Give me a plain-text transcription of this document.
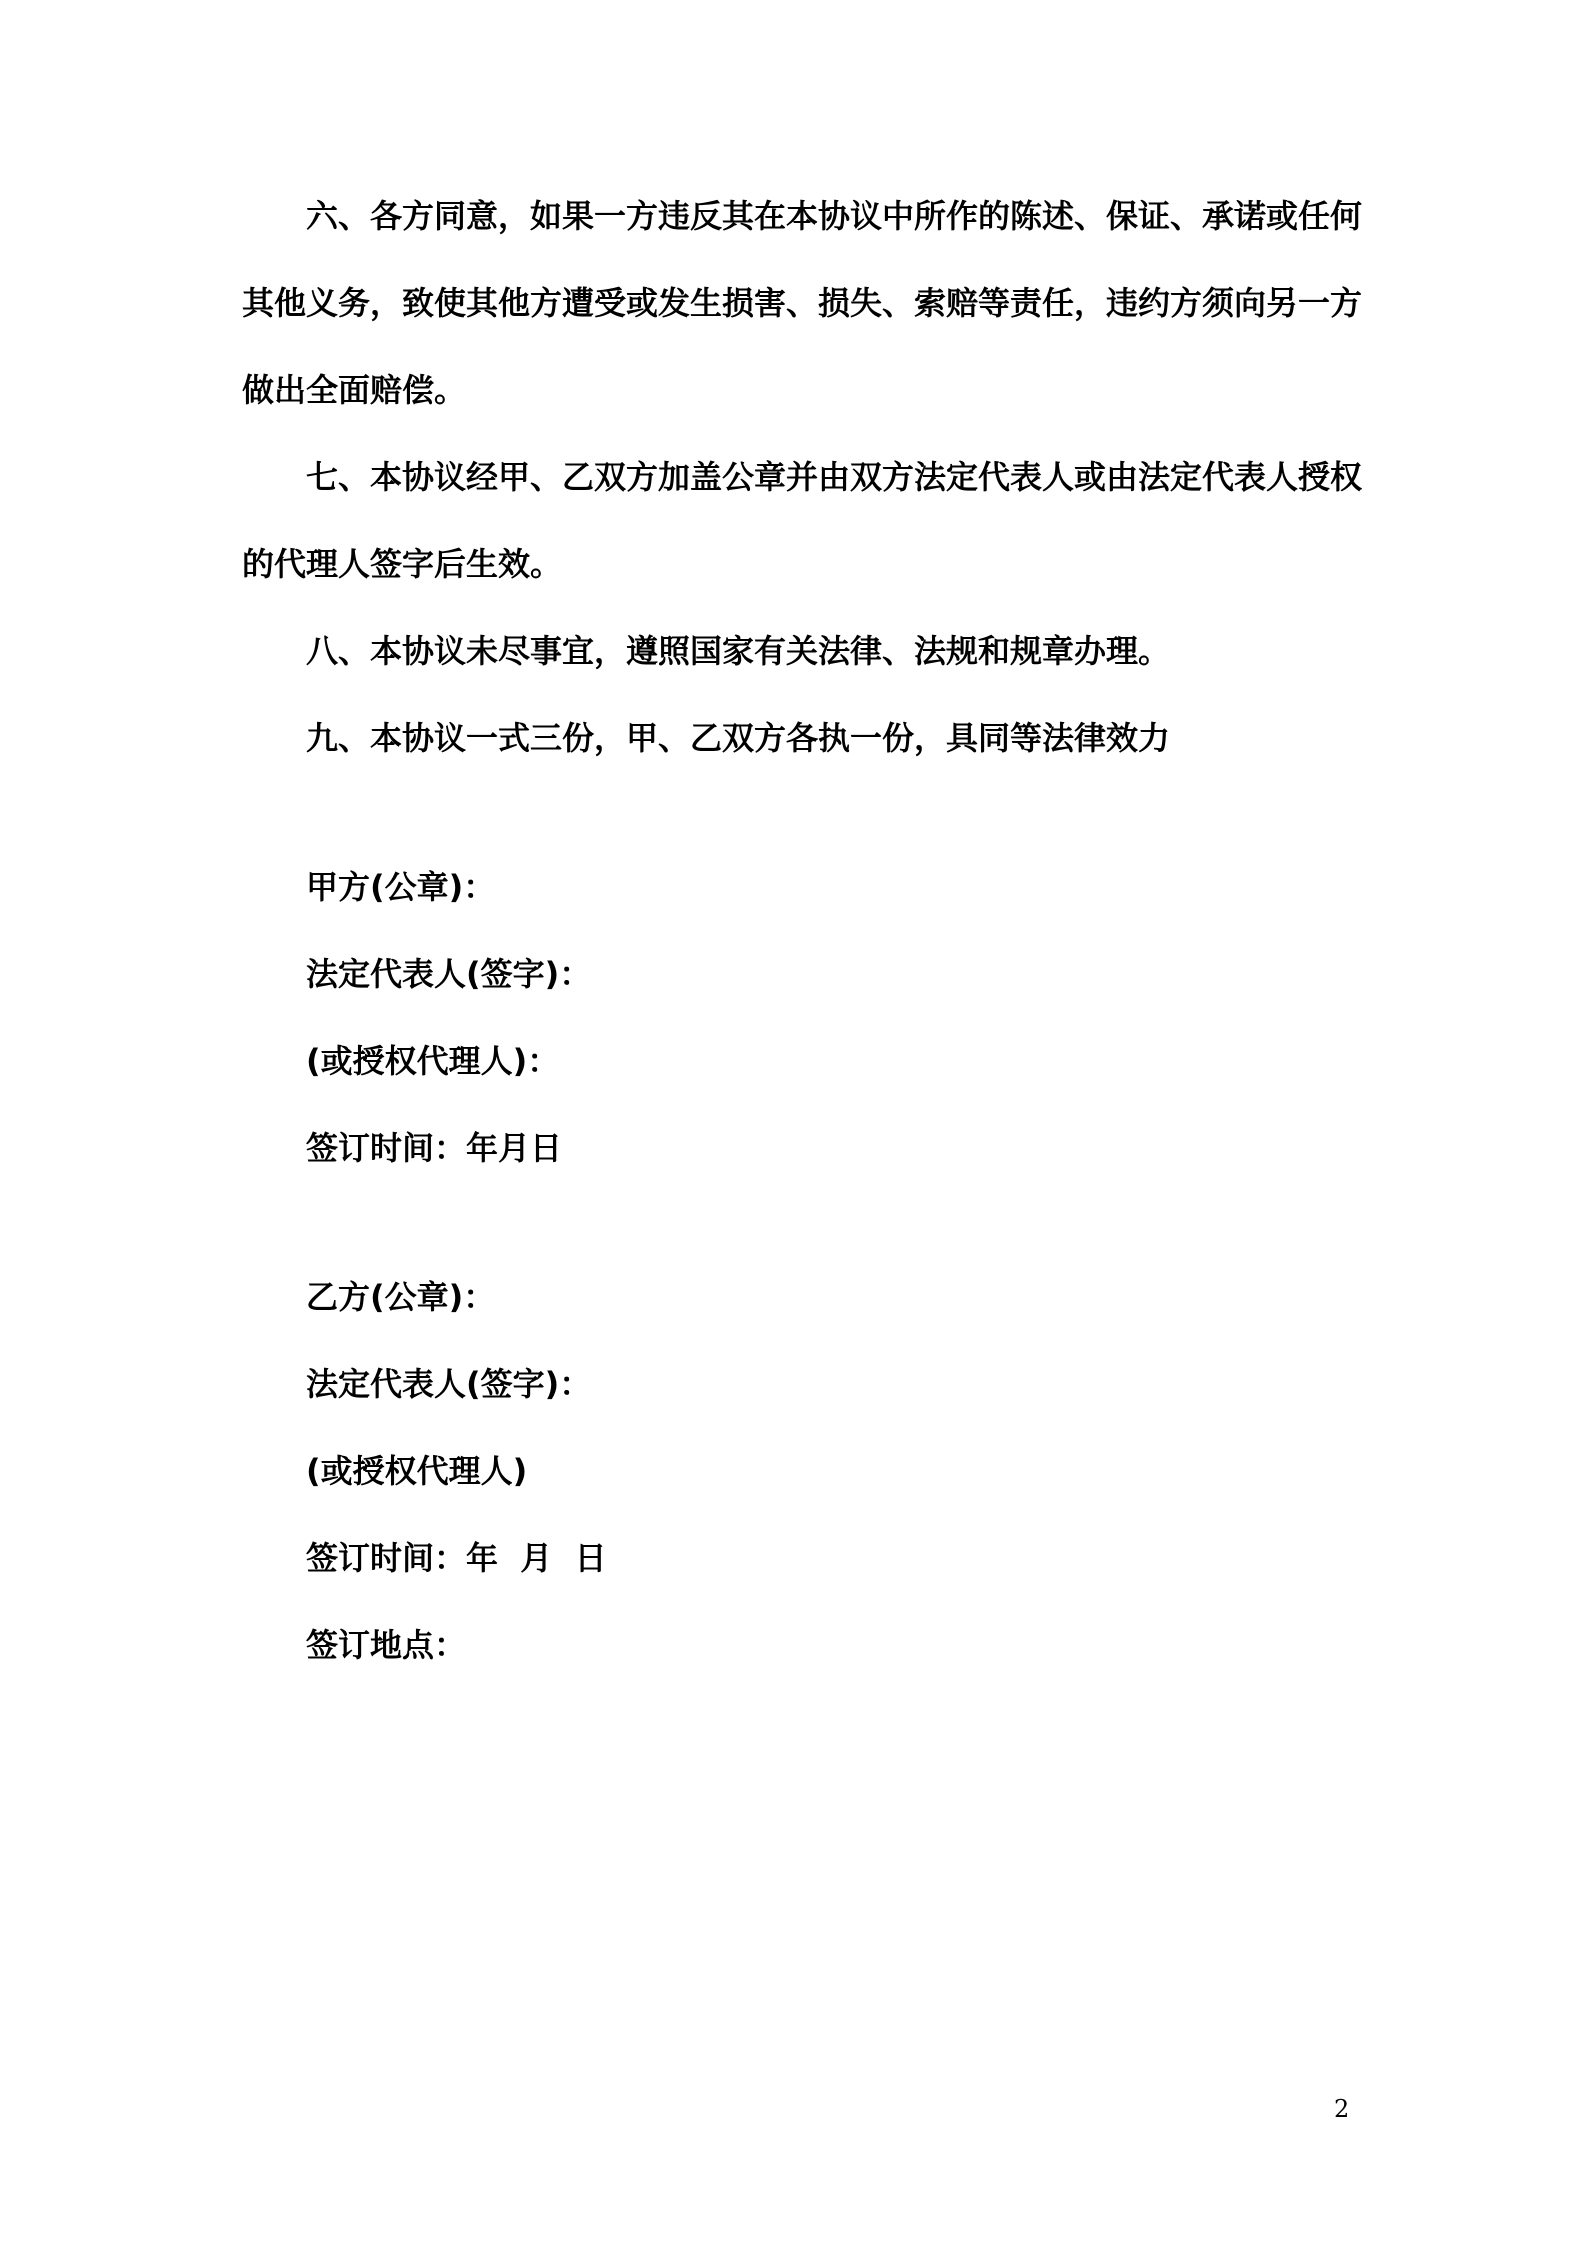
六、各方同意，如果一方违反其在本协议中所作的陈述、保证、承诺或任何
其他义务，致使其他方遭受或发生损害、损失、索赔等责任，违约方须向另一方
做出全面赔偿。
七、本协议经甲、乙双方加盖公章并由双方法定代表人或由法定代表人授权
的代理人签字后生效。
八、本协议未尽事宜，遵照国家有关法律、法规和规章办理。
九、本协议一式三份，甲、乙双方各执一份，具同等法律效力
甲方(公章)：
法定代表人(签字)：
(或授权代理人)：
签订时间：年月日
乙方(公章)：
法定代表人(签字)：
(或授权代理人)
签订时间：年  月  日
签订地点：
2
